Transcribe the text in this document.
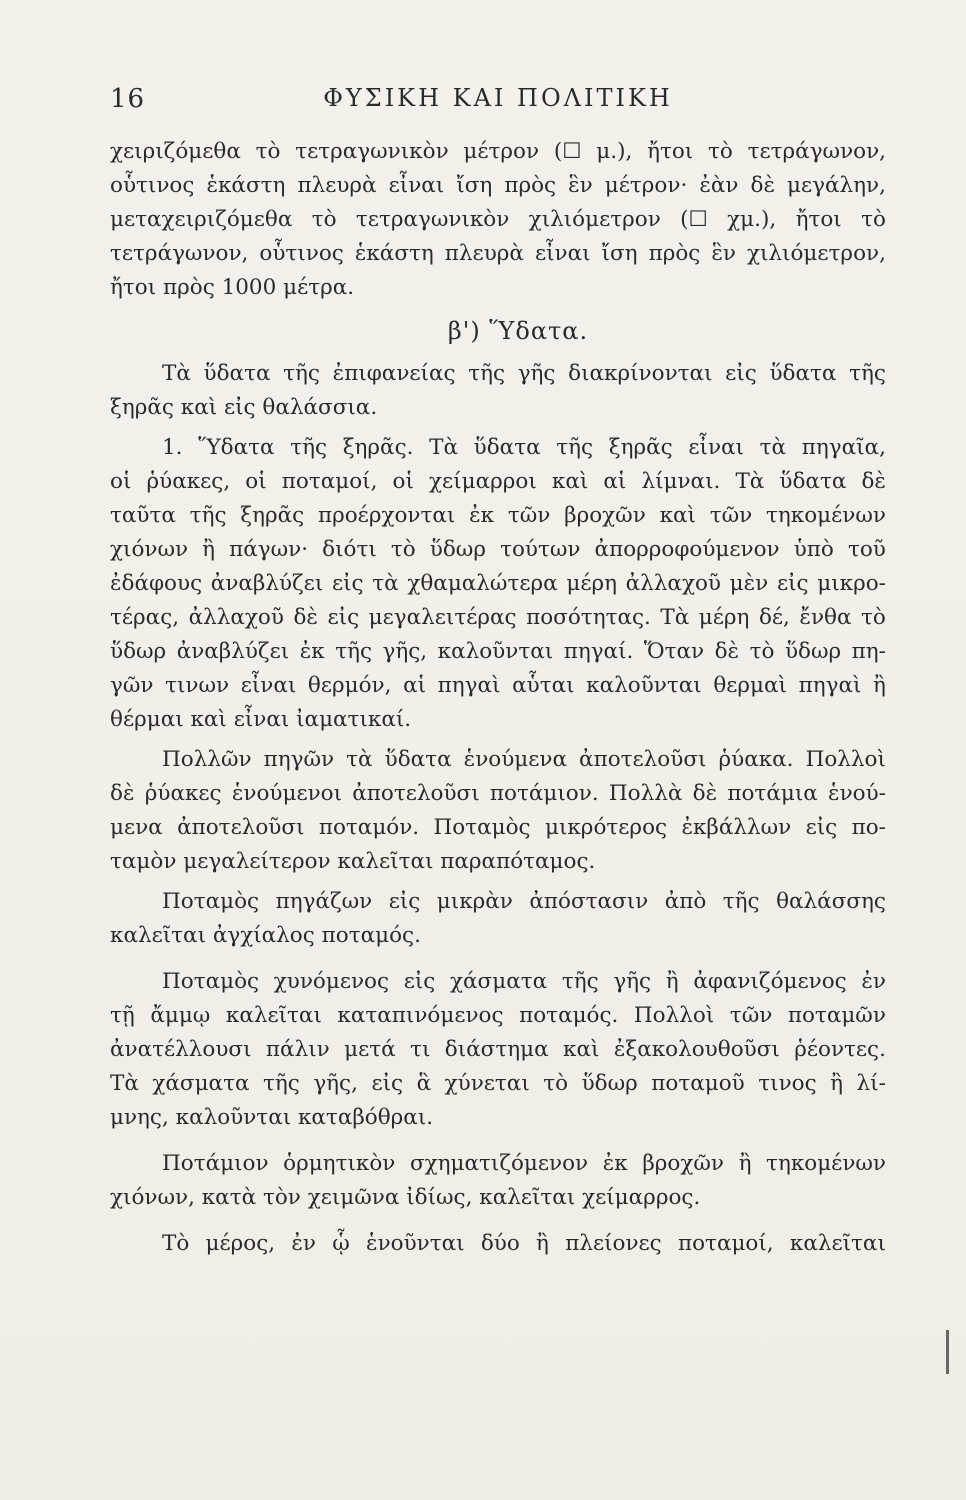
16	ΦΥΣΙΚΗ ΚΑΙ ΠΟΛΙΤΙΚΗ
χειριζόμεθα τὸ τετραγωνικὸν μέτρον (☐ μ.), ἤτοι τὸ τετράγωνον,
οὗτινος ἑκάστη πλευρὰ εἶναι ἴση πρὸς ἓν μέτρον· ἐὰν δὲ μεγάλην,
μεταχειριζόμεθα τὸ τετραγωνικὸν χιλιόμετρον (☐ χμ.), ἤτοι τὸ
τετράγωνον, οὗτινος ἑκάστη πλευρὰ εἶναι ἴση πρὸς ἓν χιλιόμετρον,
ἤτοι πρὸς 1000 μέτρα.
β') Ὕδατα.
Τὰ ὕδατα τῆς ἐπιφανείας τῆς γῆς διακρίνονται εἰς ὕδατα τῆς
ξηρᾶς καὶ εἰς θαλάσσια.
1. Ὕδατα τῆς ξηρᾶς. Τὰ ὕδατα τῆς ξηρᾶς εἶναι τὰ πηγαῖα,
οἱ ῥύακες, οἱ ποταμοί, οἱ χείμαρροι καὶ αἱ λίμναι. Τὰ ὕδατα δὲ
ταῦτα τῆς ξηρᾶς προέρχονται ἐκ τῶν βροχῶν καὶ τῶν τηκομένων
χιόνων ἢ πάγων· διότι τὸ ὕδωρ τούτων ἀπορροφούμενον ὑπὸ τοῦ
ἐδάφους ἀναβλύζει εἰς τὰ χθαμαλώτερα μέρη ἀλλαχοῦ μὲν εἰς μικρο-
τέρας, ἀλλαχοῦ δὲ εἰς μεγαλειτέρας ποσότητας. Τὰ μέρη δέ, ἔνθα τὸ
ὕδωρ ἀναβλύζει ἐκ τῆς γῆς, καλοῦνται πηγαί. Ὅταν δὲ τὸ ὕδωρ πη-
γῶν τινων εἶναι θερμόν, αἱ πηγαὶ αὗται καλοῦνται θερμαὶ πηγαὶ ἢ
θέρμαι καὶ εἶναι ἰαματικαί.
Πολλῶν πηγῶν τὰ ὕδατα ἑνούμενα ἀποτελοῦσι ῥύακα. Πολλοὶ
δὲ ῥύακες ἑνούμενοι ἀποτελοῦσι ποτάμιον. Πολλὰ δὲ ποτάμια ἑνού-
μενα ἀποτελοῦσι ποταμόν. Ποταμὸς μικρότερος ἐκβάλλων εἰς πο-
ταμὸν μεγαλείτερον καλεῖται παραπόταμος.
Ποταμὸς πηγάζων εἰς μικρὰν ἀπόστασιν ἀπὸ τῆς θαλάσσης
καλεῖται ἀγχίαλος ποταμός.
Ποταμὸς χυνόμενος εἰς χάσματα τῆς γῆς ἢ ἀφανιζόμενος ἐν
τῇ ἄμμῳ καλεῖται καταπινόμενος ποταμός. Πολλοὶ τῶν ποταμῶν
ἀνατέλλουσι πάλιν μετά τι διάστημα καὶ ἐξακολουθοῦσι ῥέοντες.
Τὰ χάσματα τῆς γῆς, εἰς ἃ χύνεται τὸ ὕδωρ ποταμοῦ τινος ἢ λί-
μνης, καλοῦνται καταβόθραι.
Ποτάμιον ὁρμητικὸν σχηματιζόμενον ἐκ βροχῶν ἢ τηκομένων
χιόνων, κατὰ τὸν χειμῶνα ἰδίως, καλεῖται χείμαρρος.
Τὸ μέρος, ἐν ᾧ ἑνοῦνται δύο ἢ πλείονες ποταμοί, καλεῖται
